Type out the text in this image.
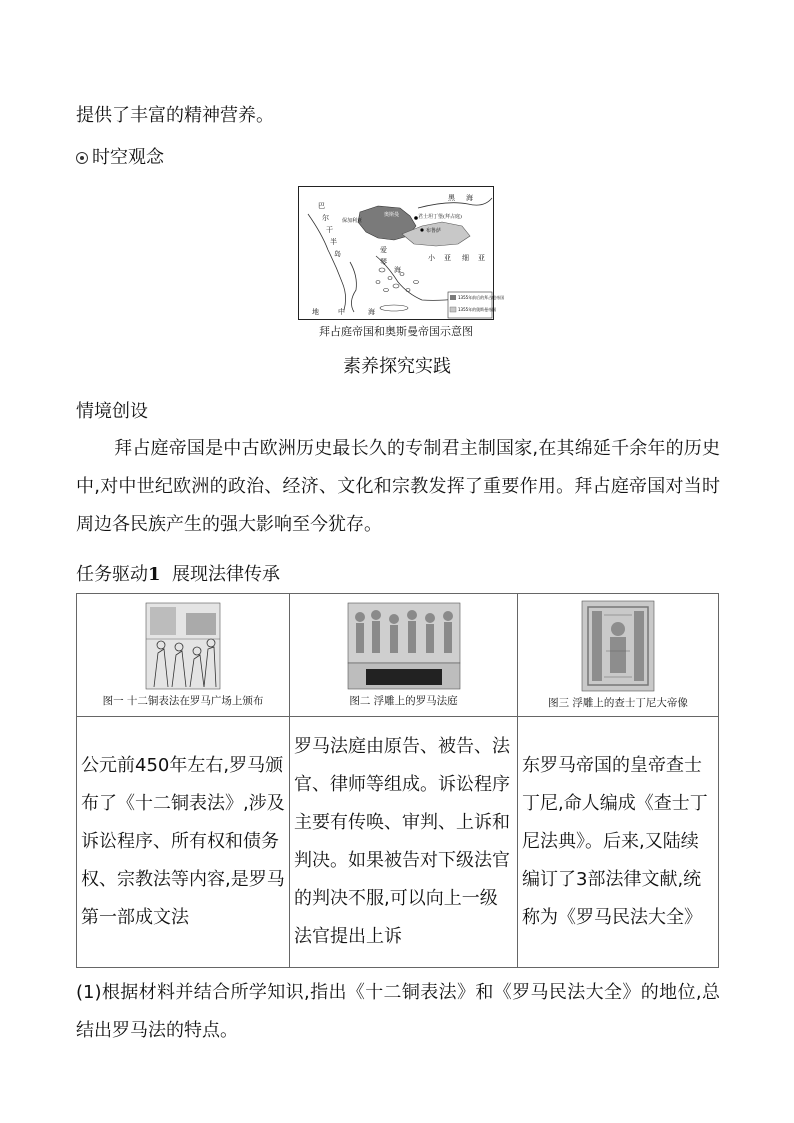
提供了丰富的精神营养。
时空观念
黑 海
巴
尔
干
半
岛	爱
琴
海
小 亚 细 亚
地	中	海
保加利亚
奥斯曼	君士坦丁堡(拜占庭)
布鲁萨
1355年前后的拜占庭帝国
1355年的奥斯曼帝国
拜占庭帝国和奥斯曼帝国示意图
素养探究实践
情境创设
拜占庭帝国是中古欧洲历史最长久的专制君主制国家,在其绵延千余年的历史中,对中世纪欧洲的政治、经济、文化和宗教发挥了重要作用。拜占庭帝国对当时周边各民族产生的强大影响至今犹存。
任务驱动1 展现法律传承
图一 十二铜表法在罗马广场上颁布	图二 浮雕上的罗马法庭	图三 浮雕上的查士丁尼大帝像

公元前450年左右,罗马颁布了《十二铜表法》,涉及诉讼程序、所有权和债务权、宗教法等内容,是罗马第一部成文法	罗马法庭由原告、被告、法官、律师等组成。诉讼程序主要有传唤、审判、上诉和判决。如果被告对下级法官的判决不服,可以向上一级法官提出上诉	东罗马帝国的皇帝查士丁尼,命人编成《查士丁尼法典》。后来,又陆续编订了3部法律文献,统称为《罗马民法大全》
(1)根据材料并结合所学知识,指出《十二铜表法》和《罗马民法大全》的地位,总结出罗马法的特点。
